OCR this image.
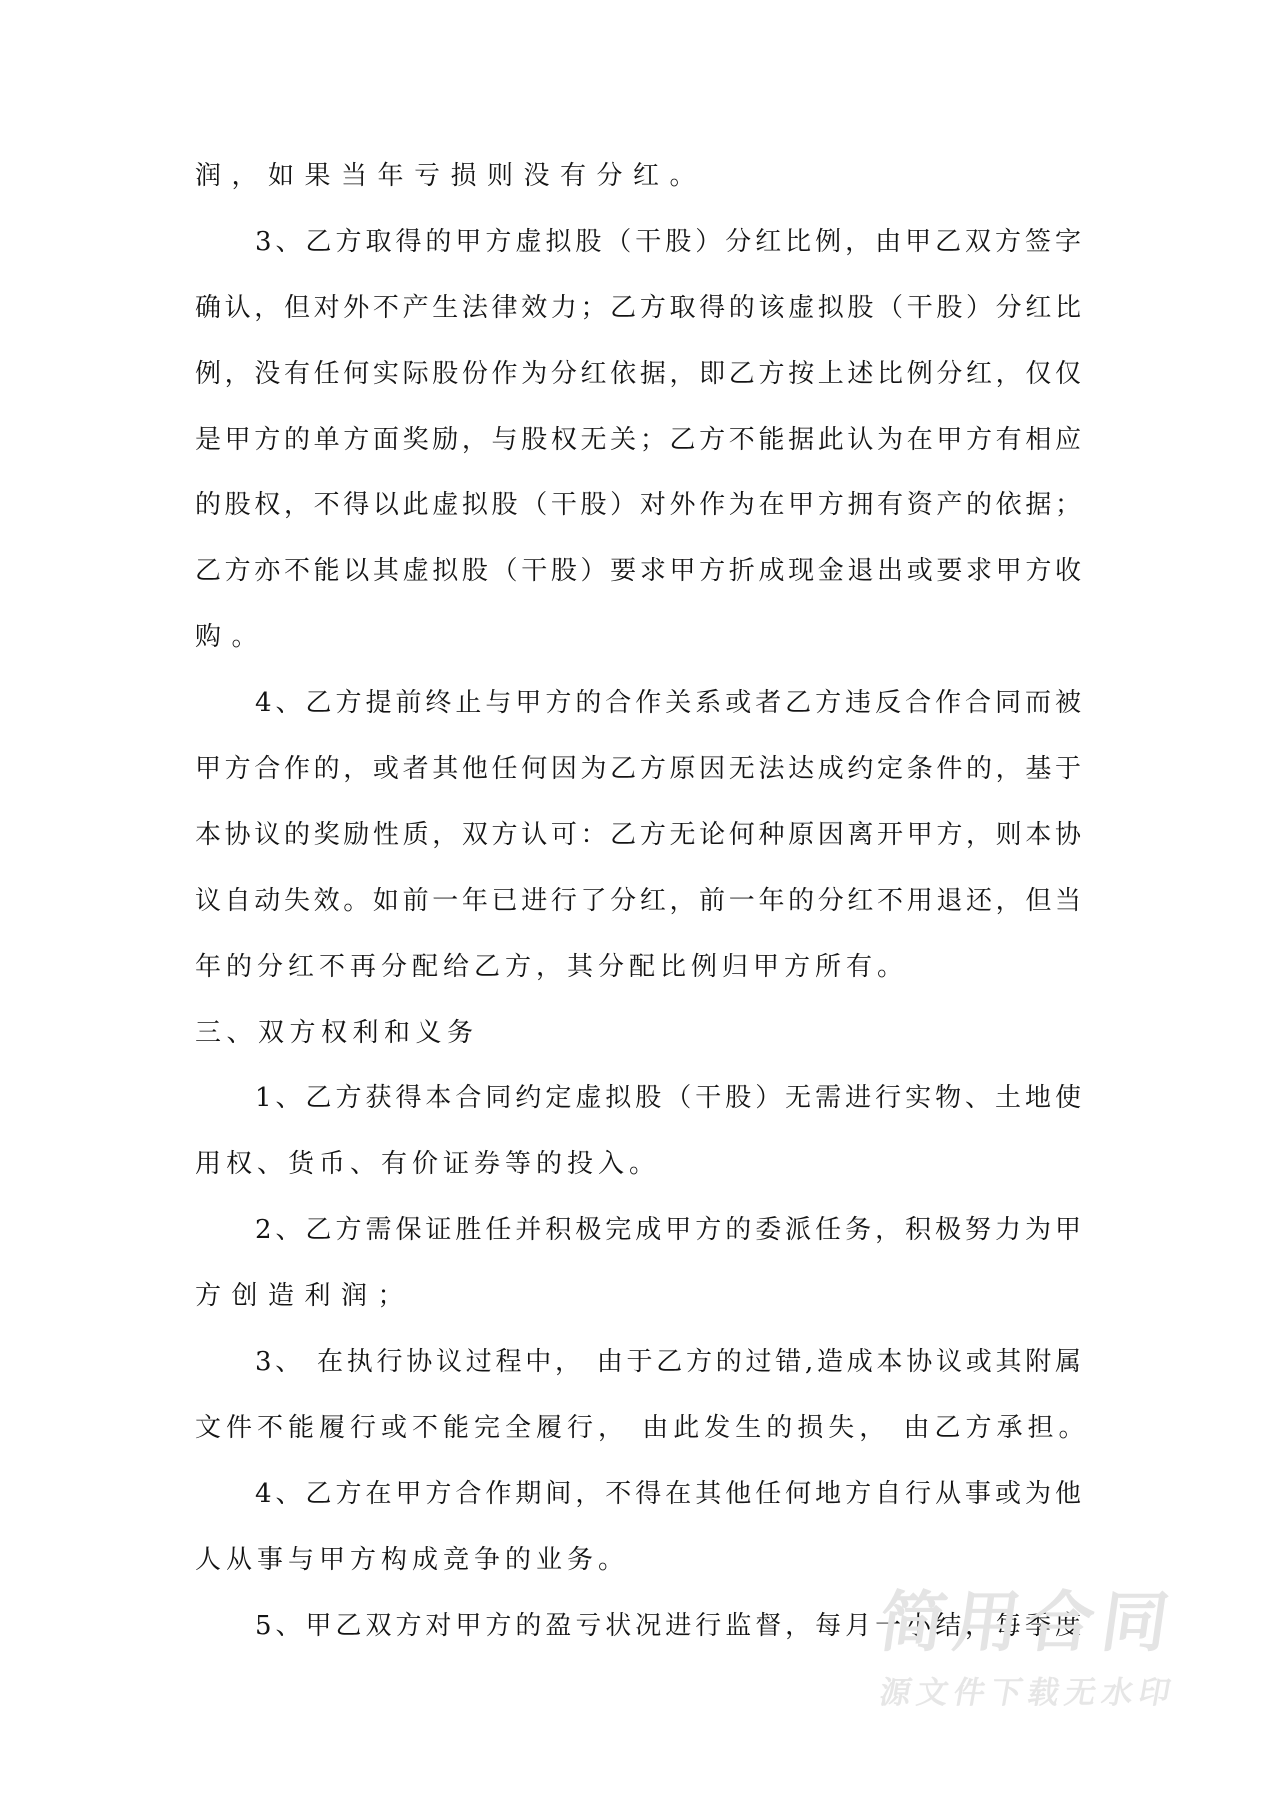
润，如果当年亏损则没有分红。
3、乙方取得的甲方虚拟股（干股）分红比例，由甲乙双方签字
确认，但对外不产生法律效力；乙方取得的该虚拟股（干股）分红比
例，没有任何实际股份作为分红依据，即乙方按上述比例分红，仅仅
是甲方的单方面奖励，与股权无关；乙方不能据此认为在甲方有相应
的股权，不得以此虚拟股（干股）对外作为在甲方拥有资产的依据；
乙方亦不能以其虚拟股（干股）要求甲方折成现金退出或要求甲方收
购。
4、乙方提前终止与甲方的合作关系或者乙方违反合作合同而被
甲方合作的，或者其他任何因为乙方原因无法达成约定条件的，基于
本协议的奖励性质，双方认可：乙方无论何种原因离开甲方，则本协
议自动失效。如前一年已进行了分红，前一年的分红不用退还，但当
年的分红不再分配给乙方，其分配比例归甲方所有。
三、双方权利和义务
1、乙方获得本合同约定虚拟股（干股）无需进行实物、土地使
用权、货币、有价证券等的投入。
2、乙方需保证胜任并积极完成甲方的委派任务，积极努力为甲
方创造利润；
3、 在执行协议过程中， 由于乙方的过错,造成本协议或其附属
文件不能履行或不能完全履行， 由此发生的损失， 由乙方承担。
4、乙方在甲方合作期间，不得在其他任何地方自行从事或为他
人从事与甲方构成竞争的业务。
5、甲乙双方对甲方的盈亏状况进行监督，每月一小结，每季度
简用合同
源文件下载无水印
